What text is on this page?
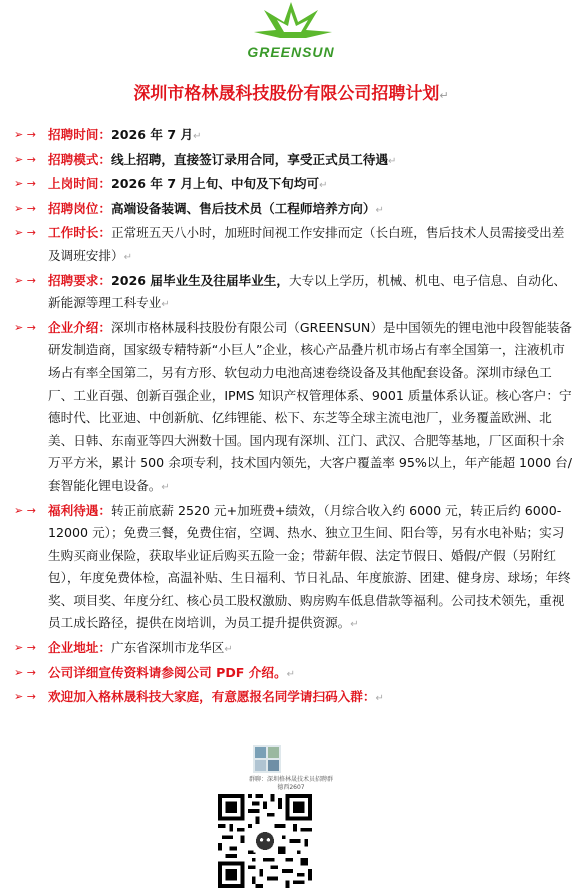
GREENSUN
深圳市格林晟科技股份有限公司招聘计划↵
➢ → 招聘时间：2026 年 7 月↵
➢ → 招聘模式：线上招聘，直接签订录用合同，享受正式员工待遇↵
➢ → 上岗时间：2026 年 7 月上旬、中旬及下旬均可↵
➢ → 招聘岗位：高端设备装调、售后技术员（工程师培养方向）↵
➢ → 工作时长：正常班五天八小时，加班时间视工作安排而定（长白班，售后技术人员需接受出差及调班安排）↵
➢ → 招聘要求：2026 届毕业生及往届毕业生，大专以上学历，机械、机电、电子信息、自动化、新能源等理工科专业↵
➢ → 企业介绍：深圳市格林晟科技股份有限公司（GREENSUN）是中国领先的锂电池中段智能装备研发制造商，国家级专精特新“小巨人”企业，核心产品叠片机市场占有率全国第一，注液机市场占有率全国第二，另有方形、软包动力电池高速卷绕设备及其他配套设备。深圳市绿色工厂、工业百强、创新百强企业，IPMS 知识产权管理体系、9001 质量体系认证。核心客户：宁德时代、比亚迪、中创新航、亿纬锂能、松下、东芝等全球主流电池厂，业务覆盖欧洲、北美、日韩、东南亚等四大洲数十国。国内现有深圳、江门、武汉、合肥等基地，厂区面积十余万平方米，累计 500 余项专利，技术国内领先，大客户覆盖率 95%以上，年产能超 1000 台/套智能化锂电设备。↵
➢ → 福利待遇：转正前底薪 2520 元+加班费+绩效，（月综合收入约 6000 元，转正后约 6000-12000 元）；免费三餐，免费住宿，空调、热水、独立卫生间、阳台等，另有水电补贴；实习生购买商业保险，获取毕业证后购买五险一金；带薪年假、法定节假日、婚假/产假（另附红包），年度免费体检，高温补贴、生日福利、节日礼品、年度旅游、团建、健身房、球场；年终奖、项目奖、年度分红、核心员工股权激励、购房购车低息借款等福利。公司技术领先，重视员工成长路径，提供在岗培训，为员工提升提供资源。↵
➢ → 企业地址：广东省深圳市龙华区↵
➢ → 公司详细宣传资料请参阅公司 PDF 介绍。↵
➢ → 欢迎加入格林晟科技大家庭，有意愿报名同学请扫码入群：↵
群聊：深圳格林晟技术员招聘群
德西2607
